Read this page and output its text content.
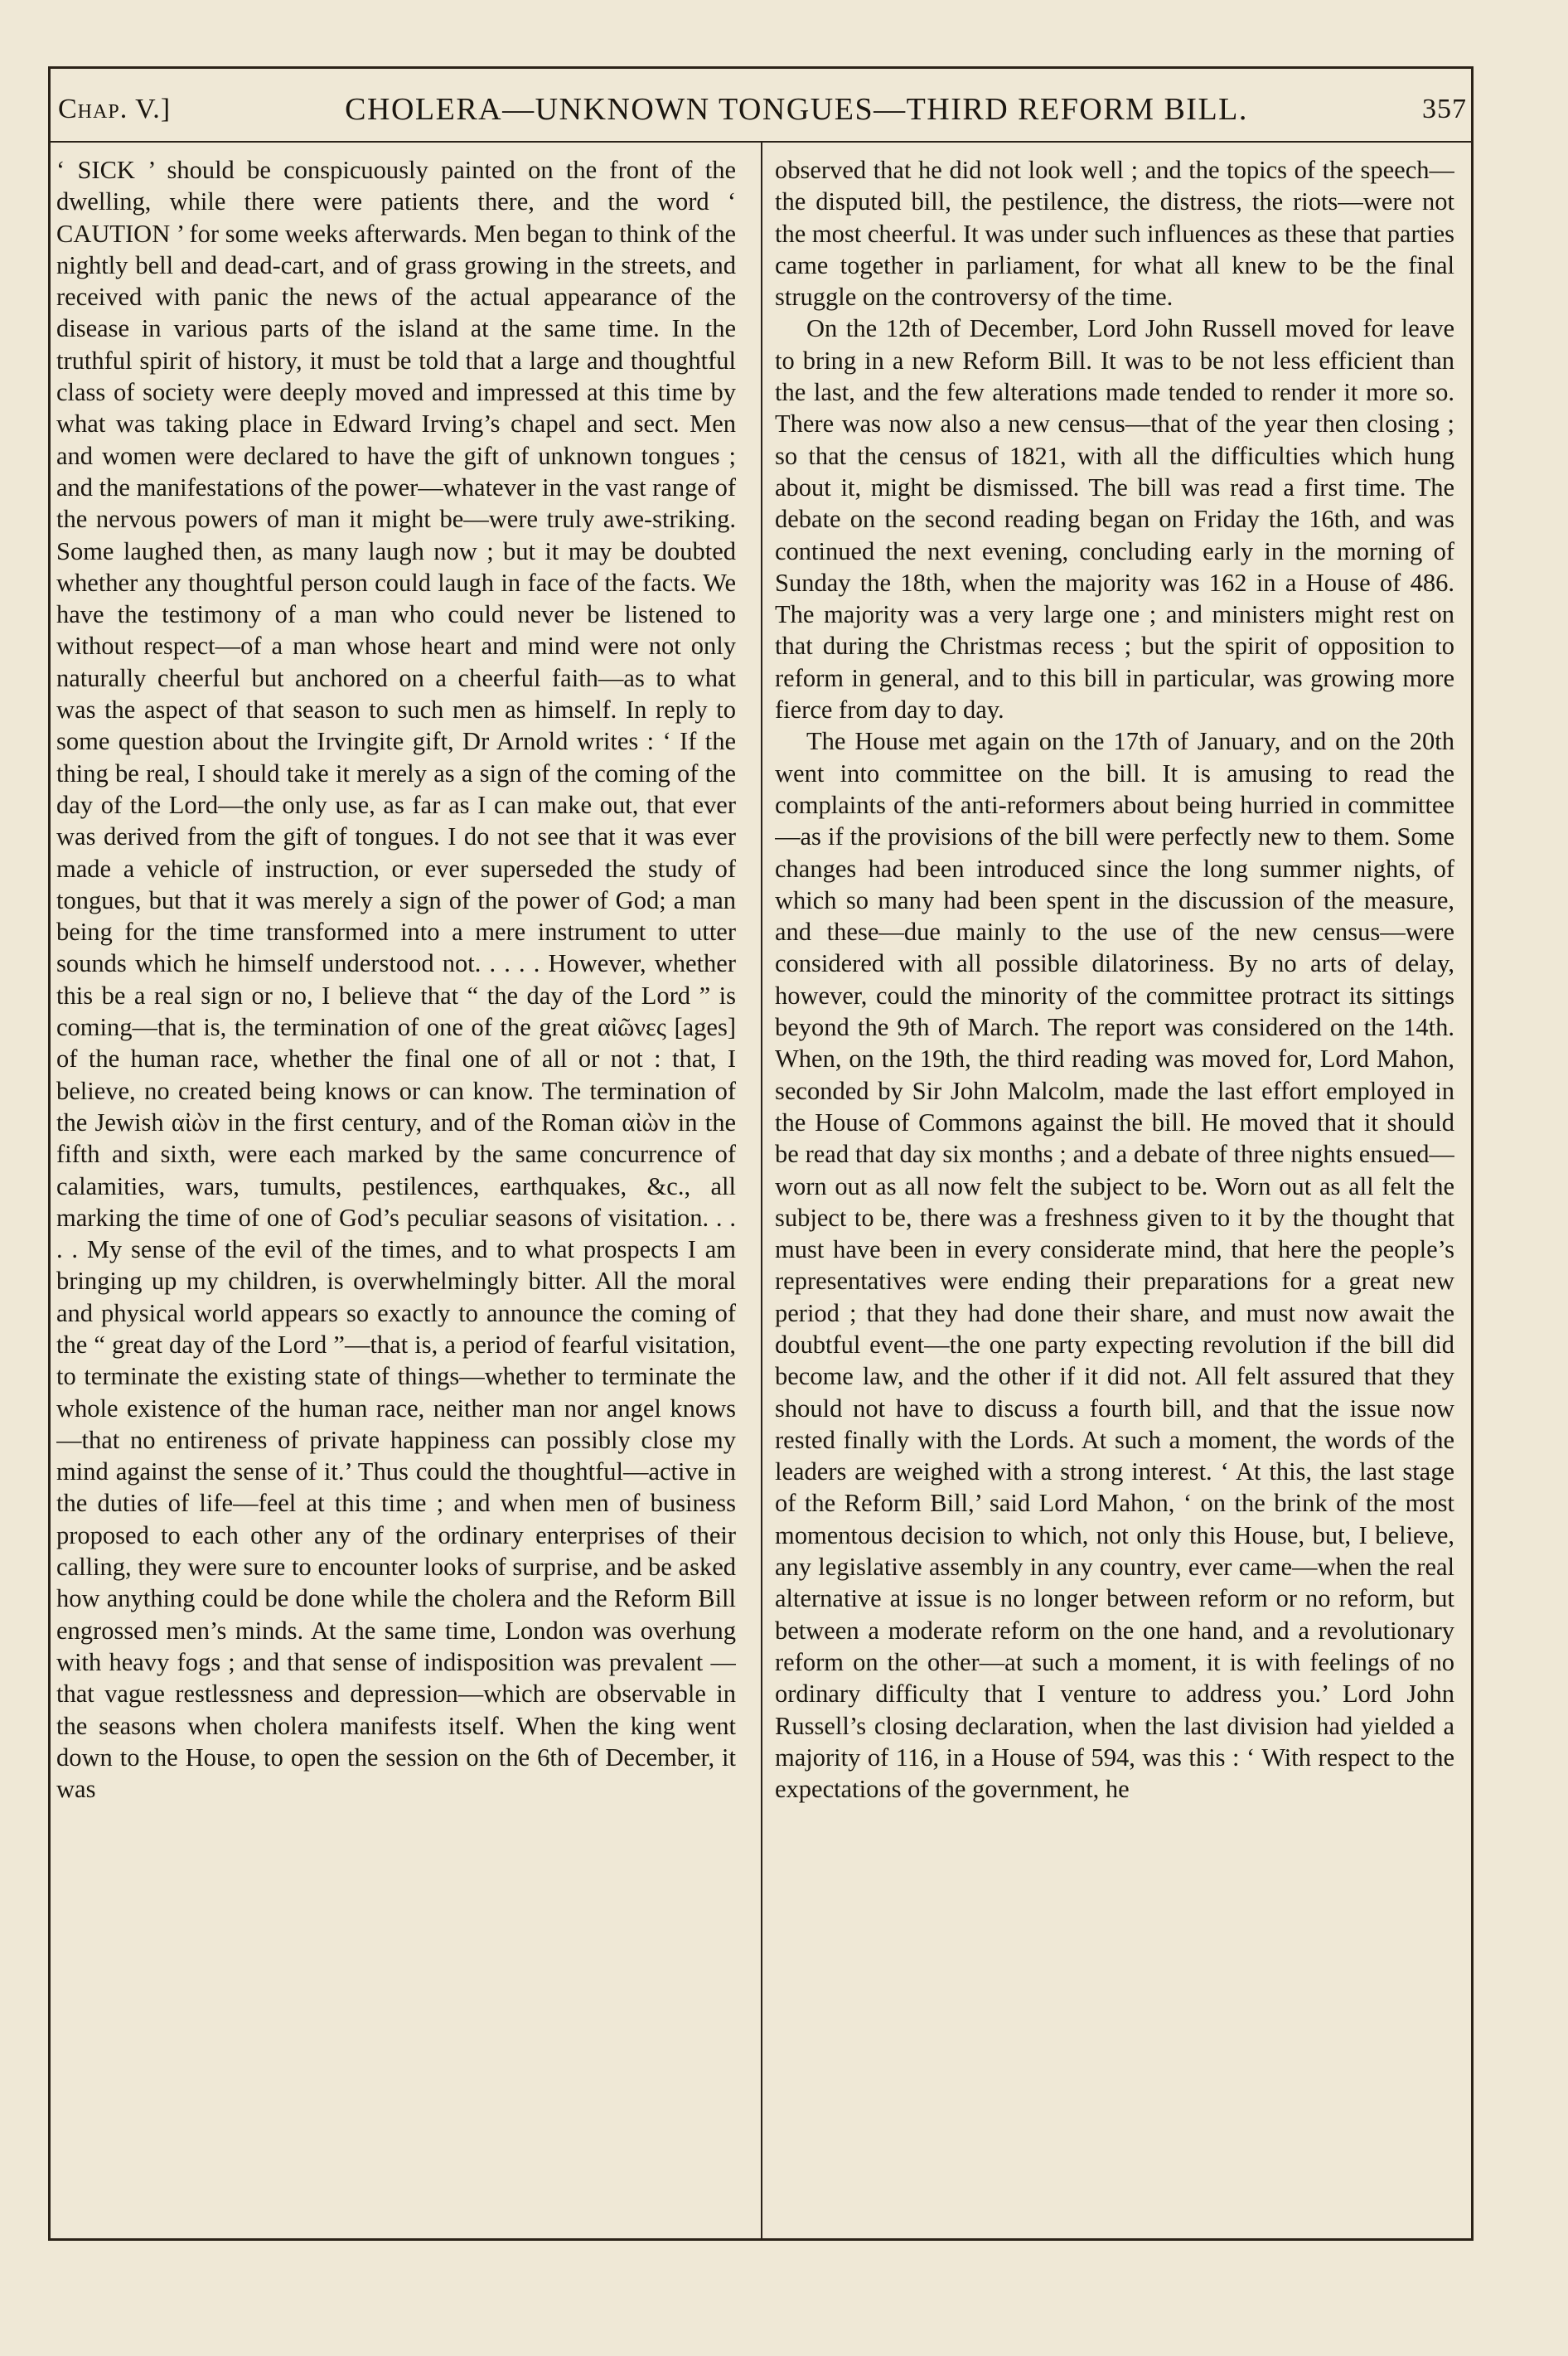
Chap. V.]	CHOLERA—UNKNOWN TONGUES—THIRD REFORM BILL.	357

‘ SICK ’ should be conspicuously painted on the front of the dwelling, while there were patients there, and the word ‘ CAUTION ’ for some weeks afterwards. Men began to think of the nightly bell and dead-cart, and of grass growing in the streets, and received with panic the news of the actual appearance of the disease in various parts of the island at the same time. In the truthful spirit of history, it must be told that a large and thoughtful class of society were deeply moved and impressed at this time by what was taking place in Edward Irving’s chapel and sect. Men and women were declared to have the gift of unknown tongues ; and the manifestations of the power—whatever in the vast range of the nervous powers of man it might be—were truly awe-striking. Some laughed then, as many laugh now ; but it may be doubted whether any thoughtful person could laugh in face of the facts. We have the testimony of a man who could never be listened to without respect—of a man whose heart and mind were not only naturally cheerful but anchored on a cheerful faith—as to what was the aspect of that season to such men as himself. In reply to some question about the Irvingite gift, Dr Arnold writes : ‘ If the thing be real, I should take it merely as a sign of the coming of the day of the Lord—the only use, as far as I can make out, that ever was derived from the gift of tongues. I do not see that it was ever made a vehicle of instruction, or ever superseded the study of tongues, but that it was merely a sign of the power of God; a man being for the time transformed into a mere instrument to utter sounds which he himself understood not. . . . . However, whether this be a real sign or no, I believe that “ the day of the Lord ” is coming—that is, the termination of one of the great αἰῶνες [ages] of the human race, whether the final one of all or not : that, I believe, no created being knows or can know. The termination of the Jewish αἰὼν in the first century, and of the Roman αἰὼν in the fifth and sixth, were each marked by the same concurrence of calamities, wars, tumults, pestilences, earthquakes, &c., all marking the time of one of God’s peculiar seasons of visitation. . . . . My sense of the evil of the times, and to what prospects I am bringing up my children, is overwhelmingly bitter. All the moral and physical world appears so exactly to announce the coming of the “ great day of the Lord ”—that is, a period of fearful visitation, to terminate the existing state of things—whether to terminate the whole existence of the human race, neither man nor angel knows—that no entireness of private happiness can possibly close my mind against the sense of it.’ Thus could the thoughtful—active in the duties of life—feel at this time ; and when men of business proposed to each other any of the ordinary enterprises of their calling, they were sure to encounter looks of surprise, and be asked how anything could be done while the cholera and the Reform Bill engrossed men’s minds. At the same time, London was overhung with heavy fogs ; and that sense of indisposition was prevalent —that vague restlessness and depression—which are observable in the seasons when cholera manifests itself. When the king went down to the House, to open the session on the 6th of December, it was

observed that he did not look well ; and the topics of the speech—the disputed bill, the pestilence, the distress, the riots—were not the most cheerful. It was under such influences as these that parties came together in parliament, for what all knew to be the final struggle on the controversy of the time.

On the 12th of December, Lord John Russell moved for leave to bring in a new Reform Bill. It was to be not less efficient than the last, and the few alterations made tended to render it more so. There was now also a new census—that of the year then closing ; so that the census of 1821, with all the difficulties which hung about it, might be dismissed. The bill was read a first time. The debate on the second reading began on Friday the 16th, and was continued the next evening, concluding early in the morning of Sunday the 18th, when the majority was 162 in a House of 486. The majority was a very large one ; and ministers might rest on that during the Christmas recess ; but the spirit of opposition to reform in general, and to this bill in particular, was growing more fierce from day to day.

The House met again on the 17th of January, and on the 20th went into committee on the bill. It is amusing to read the complaints of the anti-reformers about being hurried in committee—as if the provisions of the bill were perfectly new to them. Some changes had been introduced since the long summer nights, of which so many had been spent in the discussion of the measure, and these—due mainly to the use of the new census—were considered with all possible dilatoriness. By no arts of delay, however, could the minority of the committee protract its sittings beyond the 9th of March. The report was considered on the 14th. When, on the 19th, the third reading was moved for, Lord Mahon, seconded by Sir John Malcolm, made the last effort employed in the House of Commons against the bill. He moved that it should be read that day six months ; and a debate of three nights ensued—worn out as all now felt the subject to be. Worn out as all felt the subject to be, there was a freshness given to it by the thought that must have been in every considerate mind, that here the people’s representatives were ending their preparations for a great new period ; that they had done their share, and must now await the doubtful event—the one party expecting revolution if the bill did become law, and the other if it did not. All felt assured that they should not have to discuss a fourth bill, and that the issue now rested finally with the Lords. At such a moment, the words of the leaders are weighed with a strong interest. ‘ At this, the last stage of the Reform Bill,’ said Lord Mahon, ‘ on the brink of the most momentous decision to which, not only this House, but, I believe, any legislative assembly in any country, ever came—when the real alternative at issue is no longer between reform or no reform, but between a moderate reform on the one hand, and a revolutionary reform on the other—at such a moment, it is with feelings of no ordinary difficulty that I venture to address you.’ Lord John Russell’s closing declaration, when the last division had yielded a majority of 116, in a House of 594, was this : ‘ With respect to the expectations of the government, he
